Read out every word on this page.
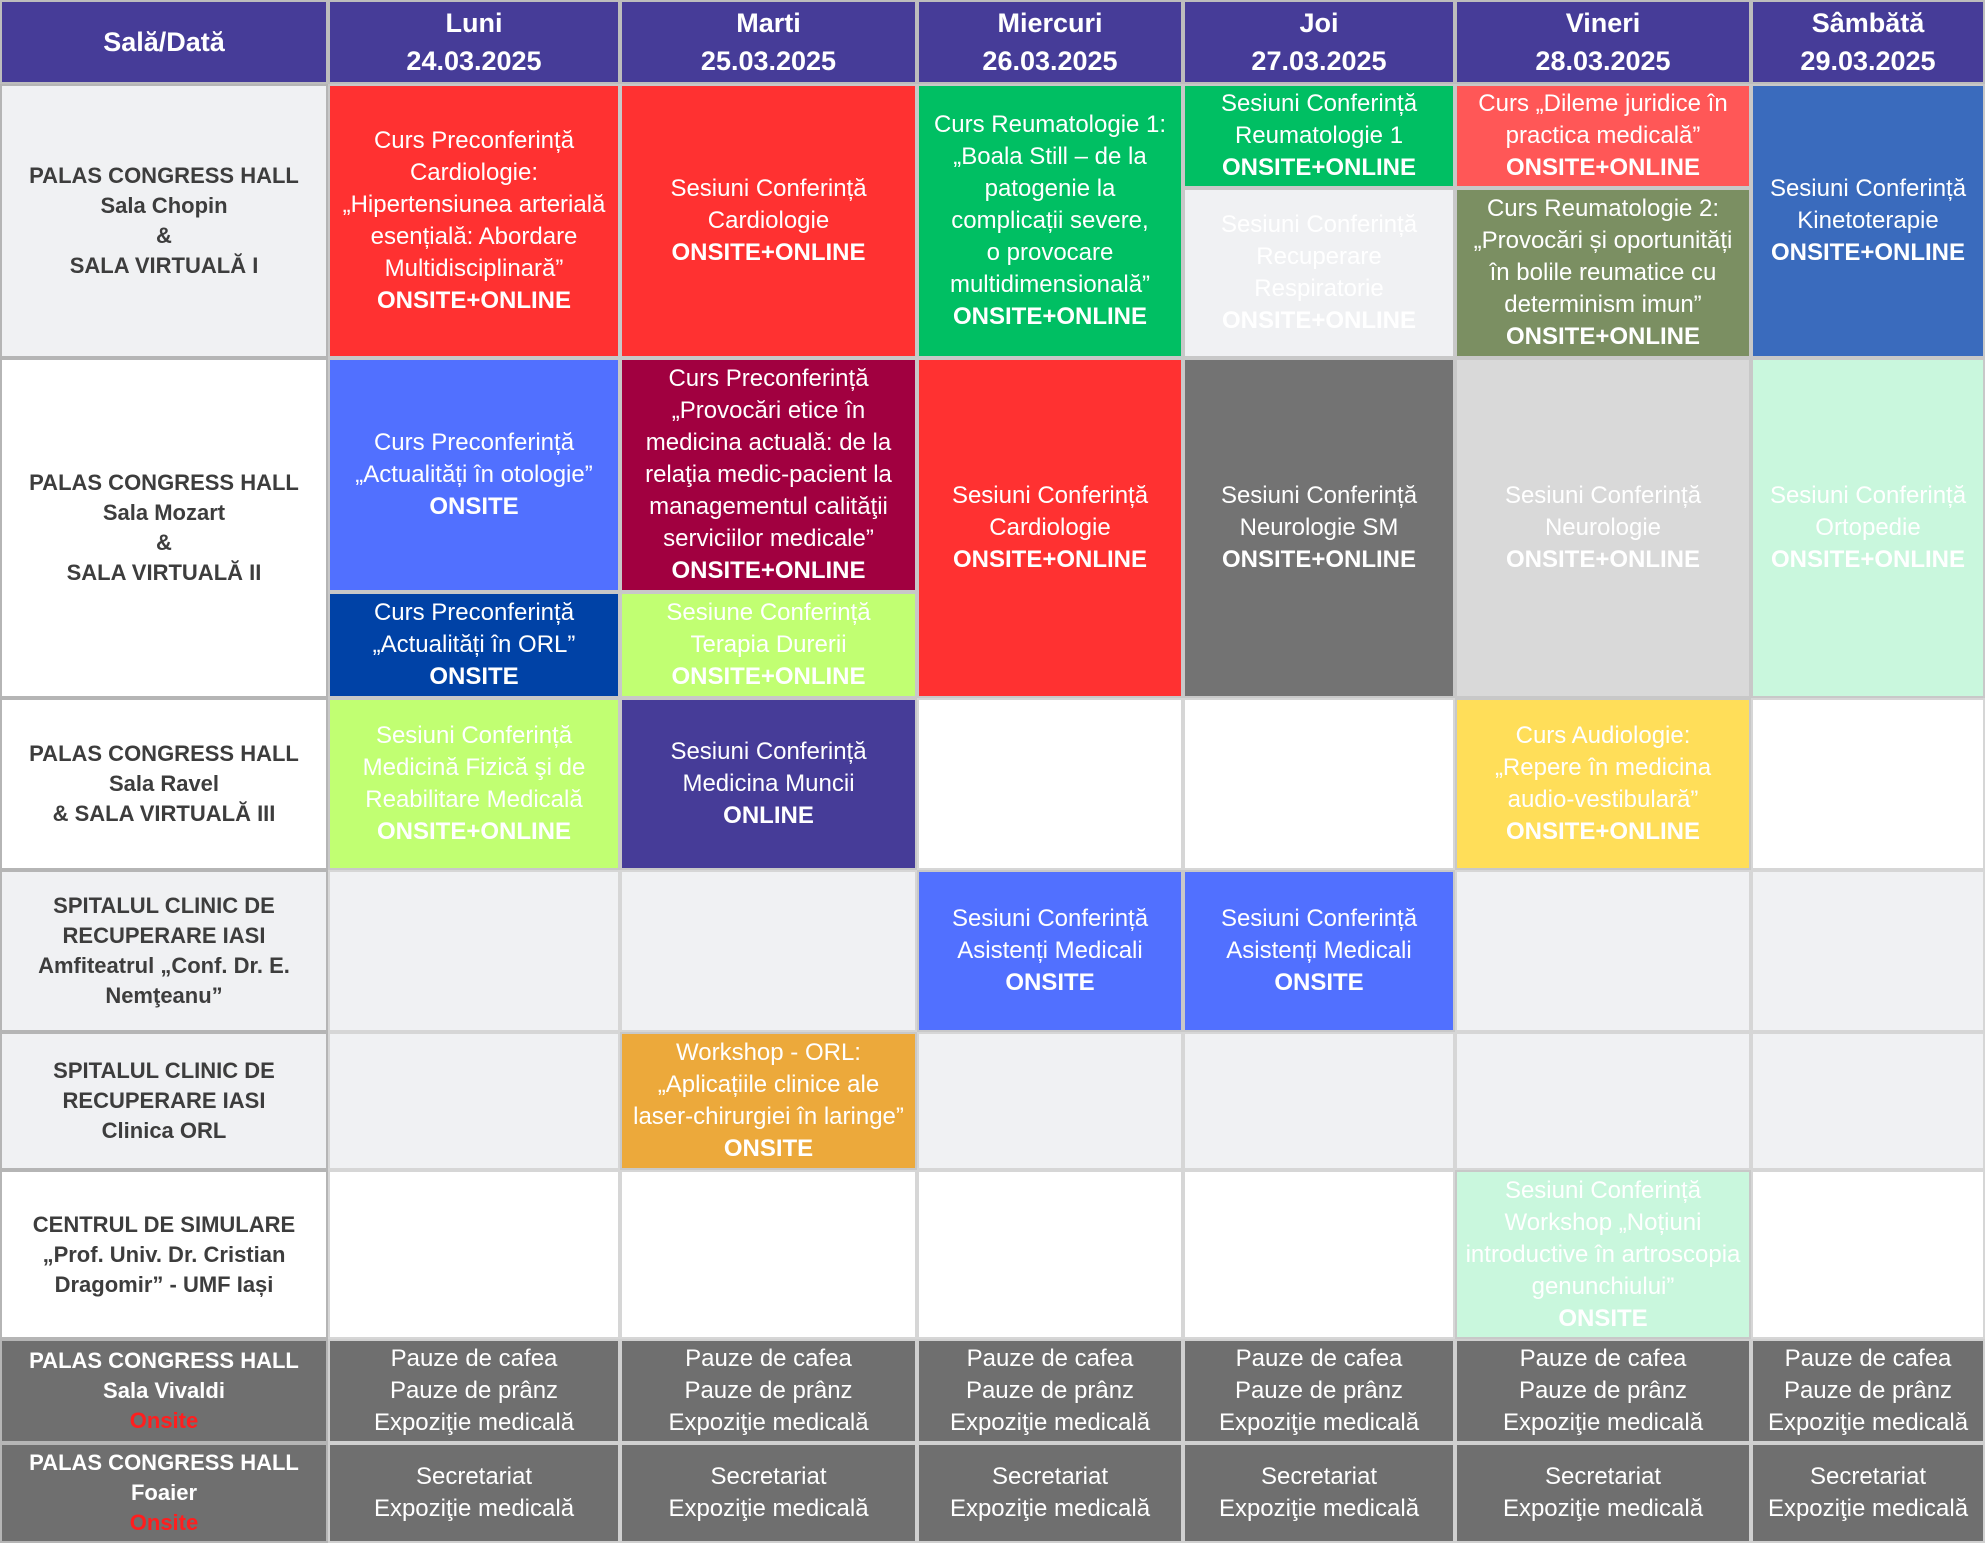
Sală/Dată
Luni
24.03.2025
Marti
25.03.2025
Miercuri
26.03.2025
Joi
27.03.2025
Vineri
28.03.2025
Sâmbătă
29.03.2025
PALAS CONGRESS HALL
Sala Chopin
&
SALA VIRTUALĂ I
PALAS CONGRESS HALL
Sala Mozart
&
SALA VIRTUALĂ II
PALAS CONGRESS HALL
Sala Ravel
& SALA VIRTUALĂ III
SPITALUL CLINIC DE
RECUPERARE IASI
Amfiteatrul „Conf. Dr. E.
Nemţeanu”
SPITALUL CLINIC DE
RECUPERARE IASI
Clinica ORL
CENTRUL DE SIMULARE
„Prof. Univ. Dr. Cristian
Dragomir” - UMF Iași
PALAS CONGRESS HALL
Sala Vivaldi
Onsite
PALAS CONGRESS HALL
Foaier
Onsite
Curs Preconferință
Cardiologie:
„Hipertensiunea arterială
esențială: Abordare
Multidisciplinară”
ONSITE+ONLINE
Sesiuni Conferință
Cardiologie
ONSITE+ONLINE
Curs Reumatologie 1:
„Boala Still – de la
patogenie la
complicații severe,
o provocare
multidimensională”
ONSITE+ONLINE
Sesiuni Conferință
Reumatologie 1
ONSITE+ONLINE
Sesiuni Conferință
Recuperare
Respiratorie
ONSITE+ONLINE
Curs „Dileme juridice în
practica medicală”
ONSITE+ONLINE
Curs Reumatologie 2:
„Provocări și oportunități
în bolile reumatice cu
determinism imun”
ONSITE+ONLINE
Sesiuni Conferință
Kinetoterapie
ONSITE+ONLINE
Curs Preconferință
„Actualități în otologie”
ONSITE
Curs Preconferință
„Actualități în ORL”
ONSITE
Curs Preconferință
„Provocări etice în
medicina actuală: de la
relaţia medic-pacient la
managementul calităţii
serviciilor medicale”
ONSITE+ONLINE
Sesiune Conferință
Terapia Durerii
ONSITE+ONLINE
Sesiuni Conferință
Cardiologie
ONSITE+ONLINE
Sesiuni Conferință
Neurologie SM
ONSITE+ONLINE
Sesiuni Conferință
Neurologie
ONSITE+ONLINE
Sesiuni Conferință
Ortopedie
ONSITE+ONLINE
Sesiuni Conferință
Medicină Fizică şi de
Reabilitare Medicală
ONSITE+ONLINE
Sesiuni Conferință
Medicina Muncii
ONLINE
Curs Audiologie:
„Repere în medicina
audio-vestibulară”
ONSITE+ONLINE
Sesiuni Conferință
Asistenți Medicali
ONSITE
Sesiuni Conferință
Asistenți Medicali
ONSITE
Workshop - ORL:
„Aplicațiile clinice ale
laser-chirurgiei în laringe”
ONSITE
Sesiuni Conferință
Workshop „Noțiuni
introductive în artroscopia
genunchiului”
ONSITE
Pauze de cafea
Pauze de prânz
Expoziţie medicală
Secretariat
Expoziţie medicală
Pauze de cafea
Pauze de prânz
Expoziţie medicală
Secretariat
Expoziţie medicală
Pauze de cafea
Pauze de prânz
Expoziţie medicală
Secretariat
Expoziţie medicală
Pauze de cafea
Pauze de prânz
Expoziţie medicală
Secretariat
Expoziţie medicală
Pauze de cafea
Pauze de prânz
Expoziţie medicală
Secretariat
Expoziţie medicală
Pauze de cafea
Pauze de prânz
Expoziţie medicală
Secretariat
Expoziţie medicală
